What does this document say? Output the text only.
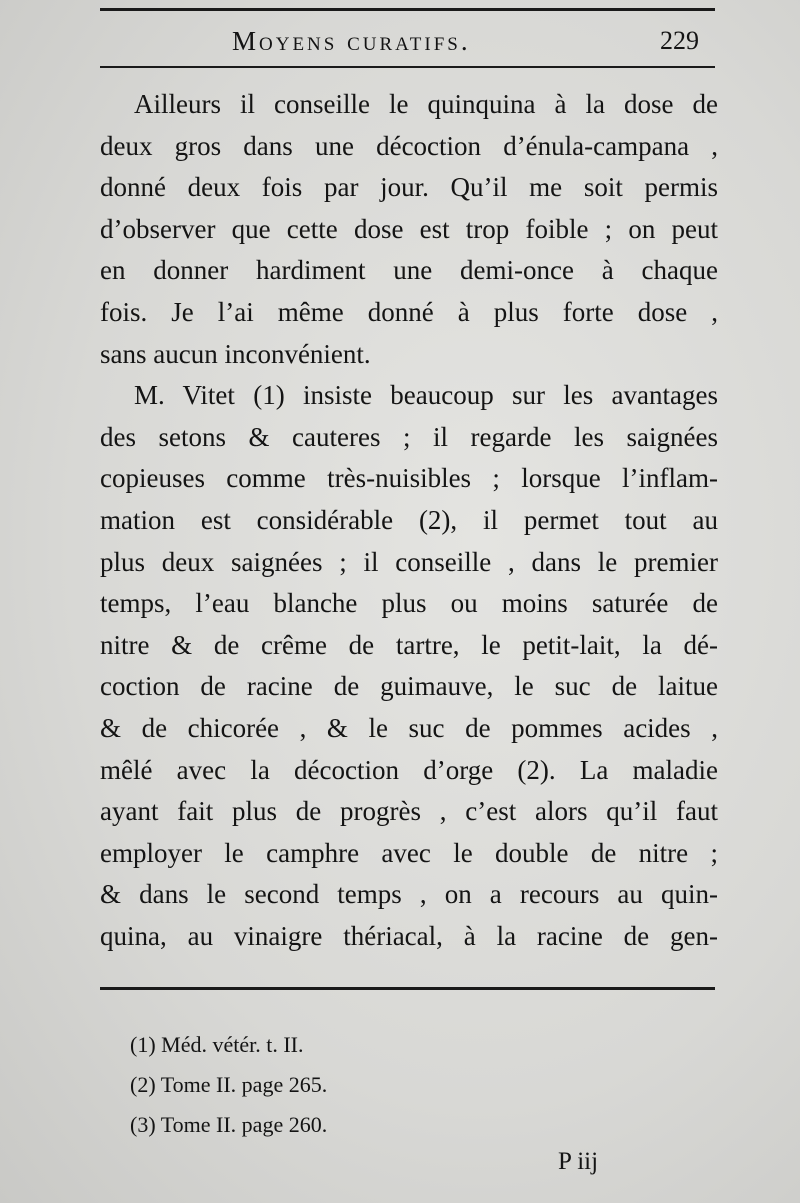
Moyens curatifs.	229
Ailleurs il conseille le quinquina à la dose de
deux gros dans une décoction d’énula-campana ,
donné deux fois par jour. Qu’il me soit permis
d’observer que cette dose est trop foible ; on peut
en donner hardiment une demi-once à chaque
fois. Je l’ai même donné à plus forte dose ,
sans aucun inconvénient.
M. Vitet (1) insiste beaucoup sur les avantages
des setons & cauteres ; il regarde les saignées
copieuses comme très-nuisibles ; lorsque l’inflam-
mation est considérable (2), il permet tout au
plus deux saignées ; il conseille , dans le premier
temps, l’eau blanche plus ou moins saturée de
nitre & de crême de tartre, le petit-lait, la dé-
coction de racine de guimauve, le suc de laitue
& de chicorée , & le suc de pommes acides ,
mêlé avec la décoction d’orge (2). La maladie
ayant fait plus de progrès , c’est alors qu’il faut
employer le camphre avec le double de nitre ;
& dans le second temps , on a recours au quin-
quina, au vinaigre thériacal, à la racine de gen-
(1) Méd. vétér. t. II.
(2) Tome II. page 265.
(3) Tome II. page 260.
P iij
